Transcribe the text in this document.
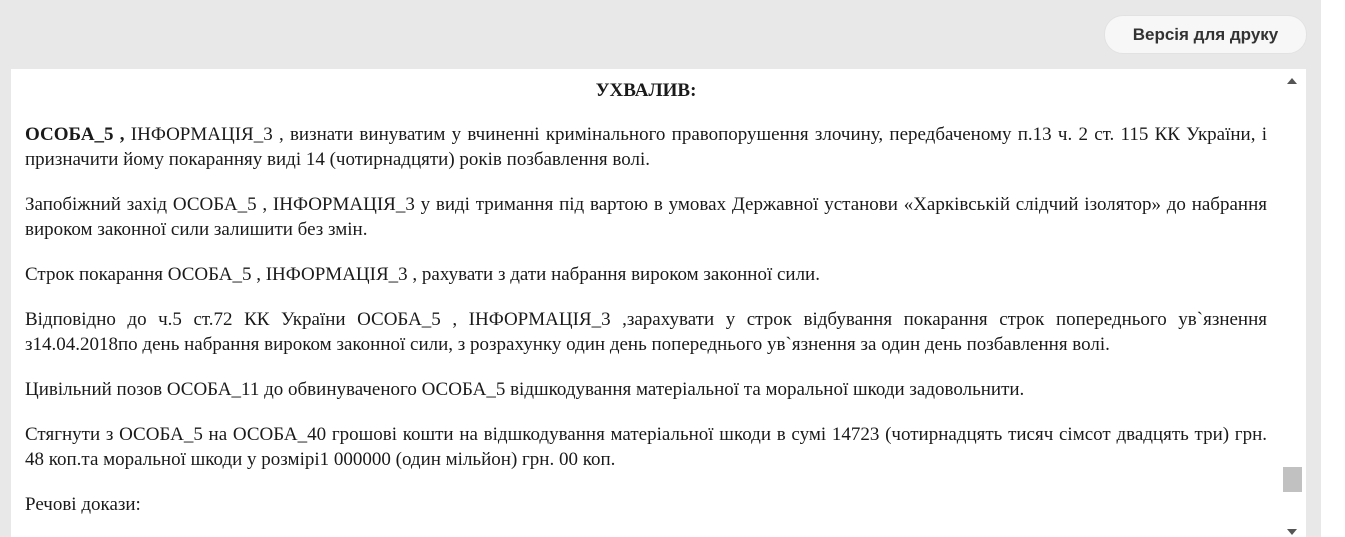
Версія для друку
УХВАЛИВ:
ОСОБА_5 , ІНФОРМАЦІЯ_3 , визнати винуватим у вчиненні кримінального правопорушення злочину, передбаченому п.13 ч. 2 ст. 115 КК України, і призначити йому покаранняу виді 14 (чотирнадцяти) років позбавлення волі.
Запобіжний захід ОСОБА_5 , ІНФОРМАЦІЯ_3 у виді тримання під вартою в умовах Державної установи «Харківській слідчий ізолятор» до набрання вироком законної сили залишити без змін.
Строк покарання ОСОБА_5 , ІНФОРМАЦІЯ_3 , рахувати з дати набрання вироком законної сили.
Відповідно до ч.5 ст.72 КК України ОСОБА_5 , ІНФОРМАЦІЯ_3 ,зарахувати у строк відбування покарання строк попереднього ув`язнення з14.04.2018по день набрання вироком законної сили, з розрахунку один день попереднього ув`язнення за один день позбавлення волі.
Цивільний позов ОСОБА_11 до обвинуваченого ОСОБА_5 відшкодування матеріальної та моральної шкоди задовольнити.
Стягнути з ОСОБА_5 на ОСОБА_40 грошові кошти на відшкодування матеріальної шкоди в сумі 14723 (чотирнадцять тисяч сімсот двадцять три) грн. 48 коп.та моральної шкоди у розмірі1 000000 (один мільйон) грн. 00 коп.
Речові докази:
